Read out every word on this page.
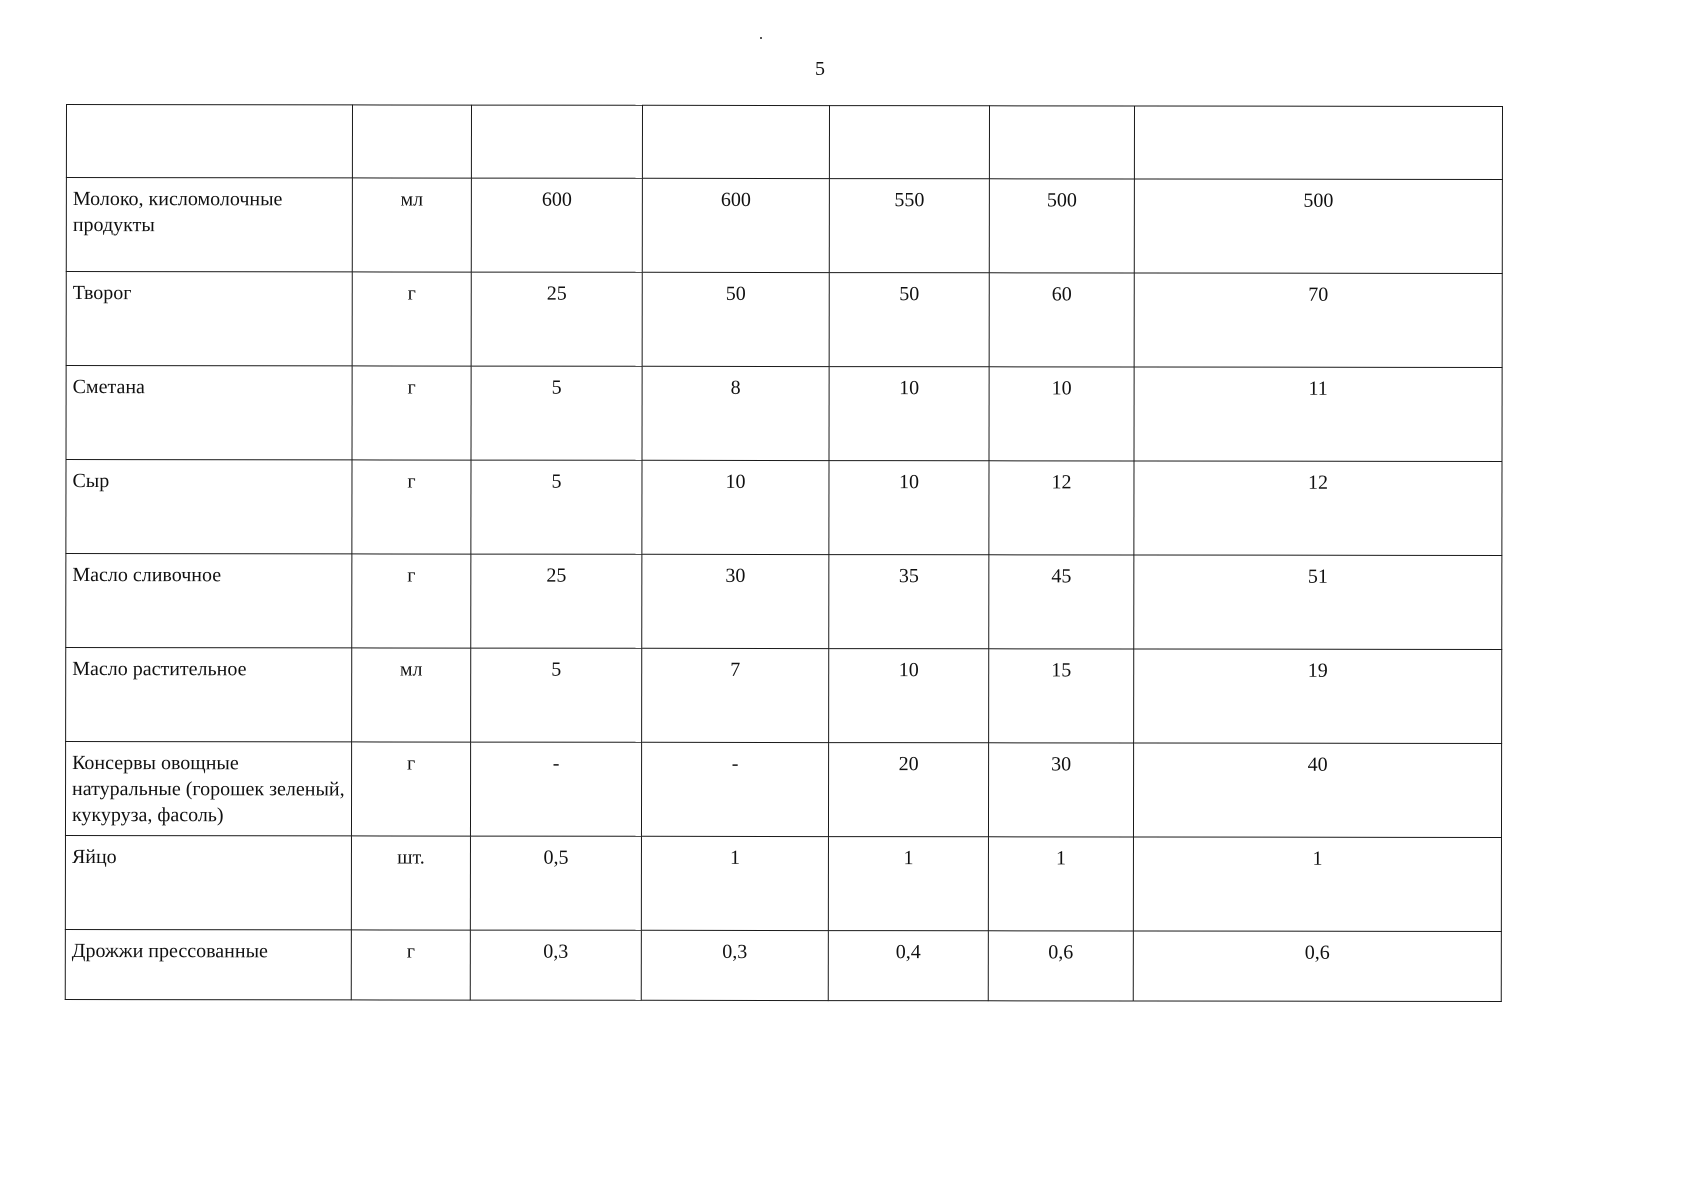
5

Молоко, кисломолочные продукты	мл	600	600	550	500	500
Творог	г	25	50	50	60	70
Сметана	г	5	8	10	10	11
Сыр	г	5	10	10	12	12
Масло сливочное	г	25	30	35	45	51
Масло растительное	мл	5	7	10	15	19
Консервы овощные натуральные (горошек зеленый, кукуруза, фасоль)	г	-	-	20	30	40
Яйцо	шт.	0,5	1	1	1	1
Дрожжи прессованные	г	0,3	0,3	0,4	0,6	0,6
